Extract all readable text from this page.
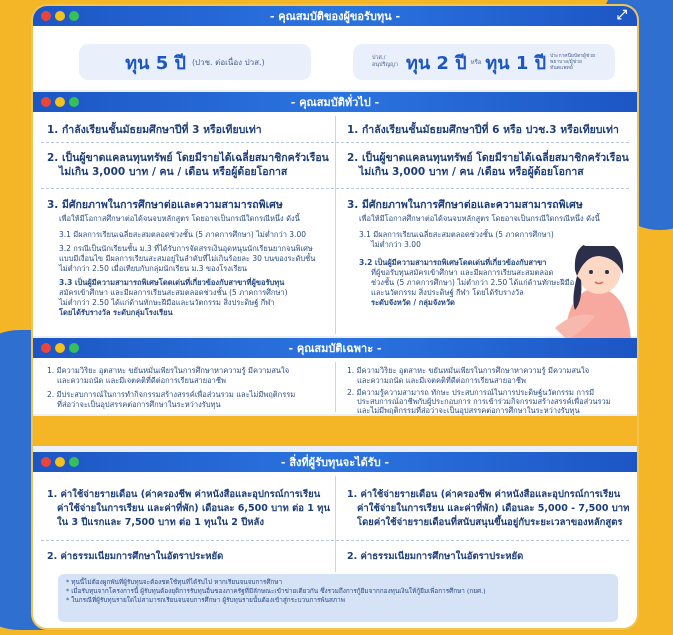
- คุณสมบัติของผู้ขอรับทุน -	⤢
ทุน 5 ปี (ปวช. ต่อเนื่อง ปวส.)	ปวส./อนุปริญญา ทุน 2 ปี หรือ ทุน 1 ปี ประกาศนียบัตรผู้ช่วยพยาบาล/ผู้ช่วยทันตแพทย์
- คุณสมบัติทั่วไป -
1. กำลังเรียนชั้นมัธยมศึกษาปีที่ 3 หรือเทียบเท่า
2. เป็นผู้ขาดแคลนทุนทรัพย์ โดยมีรายได้เฉลี่ยสมาชิกครัวเรือน
ไม่เกิน 3,000 บาท / คน / เดือน หรือผู้ด้อยโอกาส
3. มีศักยภาพในการศึกษาต่อและความสามารถพิเศษ
เพื่อให้มีโอกาสศึกษาต่อได้จนจบหลักสูตร โดยอาจเป็นกรณีใดกรณีหนึ่ง ดังนี้
3.1 มีผลการเรียนเฉลี่ยสะสมตลอดช่วงชั้น (5 ภาคการศึกษา) ไม่ต่ำกว่า 3.00
3.2 กรณีเป็นนักเรียนชั้น ม.3 ที่ได้รับการจัดสรรเงินอุดหนุนนักเรียนยากจนพิเศษ
แบบมีเงื่อนไข มีผลการเรียนสะสมอยู่ในลำดับที่ไม่เกินร้อยละ 30 บนของระดับชั้น
ไม่ต่ำกว่า 2.50 เมื่อเทียบกับกลุ่มนักเรียน ม.3 ของโรงเรียน
3.3 เป็นผู้มีความสามารถพิเศษโดดเด่นที่เกี่ยวข้องกับสาขาที่ผู้ขอรับทุน
สมัครเข้าศึกษา และมีผลการเรียนสะสมตลอดช่วงชั้น (5 ภาคการศึกษา)
ไม่ต่ำกว่า 2.50 ได้แก่ด้านทักษะฝีมือและนวัตกรรม สิ่งประดิษฐ์ กีฬา
โดยได้รับรางวัล ระดับกลุ่มโรงเรียน
1. กำลังเรียนชั้นมัธยมศึกษาปีที่ 6 หรือ ปวช.3 หรือเทียบเท่า
2. เป็นผู้ขาดแคลนทุนทรัพย์ โดยมีรายได้เฉลี่ยสมาชิกครัวเรือน
ไม่เกิน 3,000 บาท / คน /เดือน หรือผู้ด้อยโอกาส
3. มีศักยภาพในการศึกษาต่อและความสามารถพิเศษ
เพื่อให้มีโอกาสศึกษาต่อได้จนจบหลักสูตร โดยอาจเป็นกรณีใดกรณีหนึ่ง ดังนี้
3.1 มีผลการเรียนเฉลี่ยสะสมตลอดช่วงชั้น (5 ภาคการศึกษา)
ไม่ต่ำกว่า 3.00
3.2 เป็นผู้มีความสามารถพิเศษโดดเด่นที่เกี่ยวข้องกับสาขา
ที่ผู้ขอรับทุนสมัครเข้าศึกษา และมีผลการเรียนสะสมตลอด
ช่วงชั้น (5 ภาคการศึกษา) ไม่ต่ำกว่า 2.50 ได้แก่ด้านทักษะฝีมือ
และนวัตกรรม สิ่งประดิษฐ์ กีฬา โดยได้รับรางวัล
ระดับจังหวัด / กลุ่มจังหวัด
- คุณสมบัติเฉพาะ -
1. มีความวิริยะ อุตสาหะ ขยันหมั่นเพียรในการศึกษาหาความรู้ มีความสนใจ
และความถนัด และมีเจตคติที่ดีต่อการเรียนสายอาชีพ
2. มีประสบการณ์ในการทำกิจกรรมสร้างสรรค์เพื่อส่วนรวม และไม่มีพฤติกรรม
ที่ส่อว่าจะเป็นอุปสรรคต่อการศึกษาในระหว่างรับทุน
1. มีความวิริยะ อุตสาหะ ขยันหมั่นเพียรในการศึกษาหาความรู้ มีความสนใจ
และความถนัด และมีเจตคติที่ดีต่อการเรียนสายอาชีพ
2. มีความรู้ความสามารถ ทักษะ ประสบการณ์ในการประดิษฐ์นวัตกรรม การมี
ประสบการณ์อาชีพกับผู้ประกอบการ การเข้าร่วมกิจกรรมสร้างสรรค์เพื่อส่วนรวม
และไม่มีพฤติกรรมที่ส่อว่าจะเป็นอุปสรรคต่อการศึกษาในระหว่างรับทุน
- สิ่งที่ผู้รับทุนจะได้รับ -
1. ค่าใช้จ่ายรายเดือน (ค่าครองชีพ ค่าหนังสือและอุปกรณ์การเรียน
ค่าใช้จ่ายในการเรียน และค่าที่พัก) เดือนละ 6,500 บาท ต่อ 1 ทุน
ใน 3 ปีแรกและ 7,500 บาท ต่อ 1 ทุนใน 2 ปีหลัง
2. ค่าธรรมเนียมการศึกษาในอัตราประหยัด
1. ค่าใช้จ่ายรายเดือน (ค่าครองชีพ ค่าหนังสือและอุปกรณ์การเรียน
ค่าใช้จ่ายในการเรียน และค่าที่พัก) เดือนละ 5,000 - 7,500 บาท
โดยค่าใช้จ่ายรายเดือนที่สนับสนุนขึ้นอยู่กับระยะเวลาของหลักสูตร
2. ค่าธรรมเนียมการศึกษาในอัตราประหยัด
* ทุนนี้ไม่ต้องผูกพันที่ผู้รับทุนจะต้องชดใช้ทุนที่ได้รับไป หากเรียนจนจบการศึกษา
* เมื่อรับทุนจากโครงการนี้ ผู้รับทุนต้องยุติการรับทุนอื่นของภาครัฐที่มีลักษณะเข้าข่ายเดียวกัน ซึ่งรวมถึงการกู้ยืมจากกองทุนเงินให้กู้ยืมเพื่อการศึกษา (กยศ.)
* ในกรณีที่ผู้รับทุนรายใดไม่สามารถเรียนจนจบการศึกษา ผู้รับทุนรายนั้นต้องเข้าสู่กระบวนการพ้นสภาพ
